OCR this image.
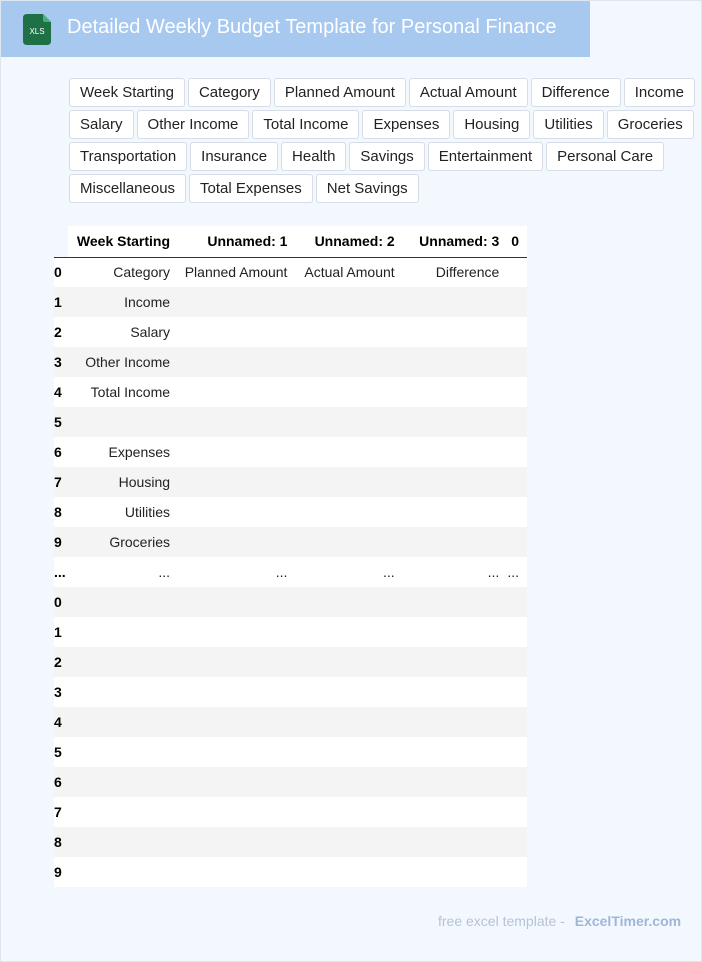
XLS Detailed Weekly Budget Template for Personal Finance
Week Starting	Category	Planned Amount	Actual Amount	Difference	Income
Salary	Other Income	Total Income	Expenses	Housing	Utilities	Groceries
Transportation	Insurance	Health	Savings	Entertainment	Personal Care
Miscellaneous	Total Expenses	Net Savings
	Week Starting	Unnamed: 1	Unnamed: 2	Unnamed: 3	0
0	Category	Planned Amount	Actual Amount	Difference	
1	Income				
2	Salary				
3	Other Income				
4	Total Income				
5					
6	Expenses				
7	Housing				
8	Utilities				
9	Groceries				
...	...	...	...	...	...
0					
1					
2					
3					
4					
5					
6					
7					
8					
9					
free excel template - ExcelTimer.com
